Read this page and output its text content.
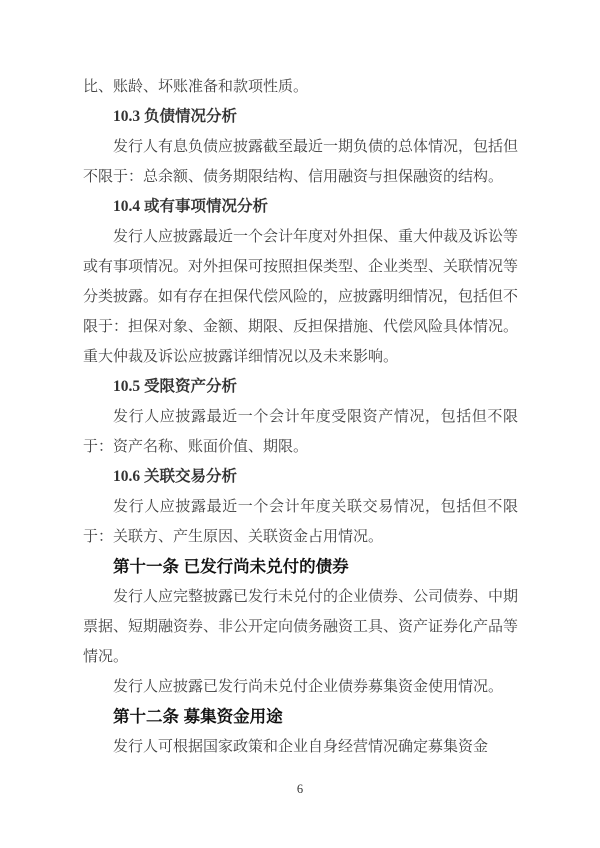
比、账龄、坏账准备和款项性质。

10.3 负债情况分析

发行人有息负债应披露截至最近一期负债的总体情况，包括但不限于：总余额、债务期限结构、信用融资与担保融资的结构。

10.4 或有事项情况分析

发行人应披露最近一个会计年度对外担保、重大仲裁及诉讼等或有事项情况。对外担保可按照担保类型、企业类型、关联情况等分类披露。如有存在担保代偿风险的，应披露明细情况，包括但不限于：担保对象、金额、期限、反担保措施、代偿风险具体情况。重大仲裁及诉讼应披露详细情况以及未来影响。

10.5 受限资产分析

发行人应披露最近一个会计年度受限资产情况，包括但不限于：资产名称、账面价值、期限。

10.6 关联交易分析

发行人应披露最近一个会计年度关联交易情况，包括但不限于：关联方、产生原因、关联资金占用情况。

第十一条 已发行尚未兑付的债券

发行人应完整披露已发行未兑付的企业债券、公司债券、中期票据、短期融资券、非公开定向债务融资工具、资产证券化产品等情况。

发行人应披露已发行尚未兑付企业债券募集资金使用情况。

第十二条 募集资金用途

发行人可根据国家政策和企业自身经营情况确定募集资金

6
